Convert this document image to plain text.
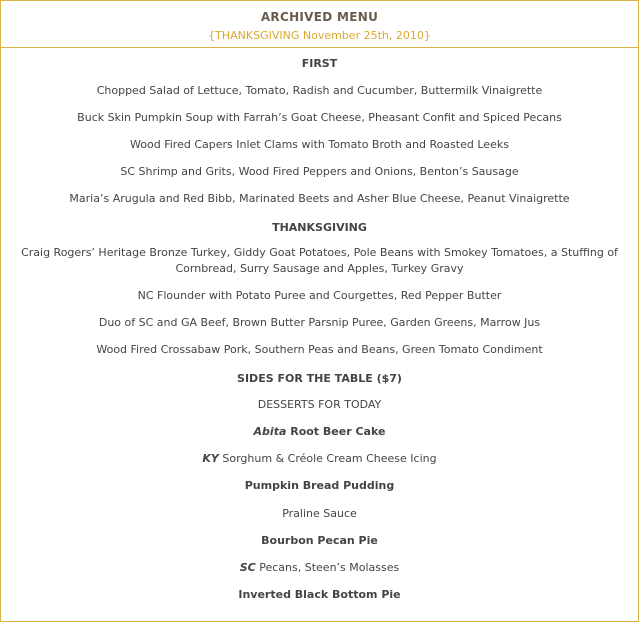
ARCHIVED MENU
{THANKSGIVING November 25th, 2010}
FIRST
Chopped Salad of Lettuce, Tomato, Radish and Cucumber, Buttermilk Vinaigrette
Buck Skin Pumpkin Soup with Farrah’s Goat Cheese, Pheasant Confit and Spiced Pecans
Wood Fired Capers Inlet Clams with Tomato Broth and Roasted Leeks
SC Shrimp and Grits, Wood Fired Peppers and Onions, Benton’s Sausage
Maria’s Arugula and Red Bibb, Marinated Beets and Asher Blue Cheese, Peanut Vinaigrette
THANKSGIVING
Craig Rogers’ Heritage Bronze Turkey, Giddy Goat Potatoes, Pole Beans with Smokey Tomatoes, a Stuffing of Cornbread, Surry Sausage and Apples, Turkey Gravy
NC Flounder with Potato Puree and Courgettes, Red Pepper Butter
Duo of SC and GA Beef, Brown Butter Parsnip Puree, Garden Greens, Marrow Jus
Wood Fired Crossabaw Pork, Southern Peas and Beans, Green Tomato Condiment
SIDES FOR THE TABLE ($7)
DESSERTS FOR TODAY
Abita Root Beer Cake
KY Sorghum & Créole Cream Cheese Icing
Pumpkin Bread Pudding
Praline Sauce
Bourbon Pecan Pie
SC Pecans, Steen’s Molasses
Inverted Black Bottom Pie
